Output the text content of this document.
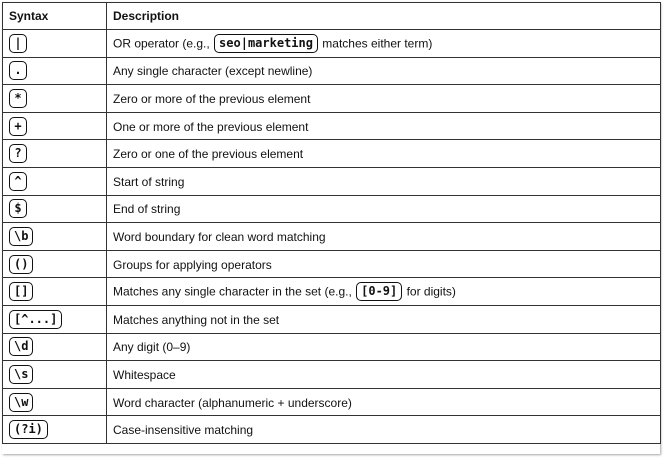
Syntax	Description
|	OR operator (e.g., seo|marketing matches either term)
.	Any single character (except newline)
*	Zero or more of the previous element
+	One or more of the previous element
?	Zero or one of the previous element
^	Start of string
$	End of string
\b	Word boundary for clean word matching
()	Groups for applying operators
[]	Matches any single character in the set (e.g., [0-9] for digits)
[^...]	Matches anything not in the set
\d	Any digit (0–9)
\s	Whitespace
\w	Word character (alphanumeric + underscore)
(?i)	Case-insensitive matching
